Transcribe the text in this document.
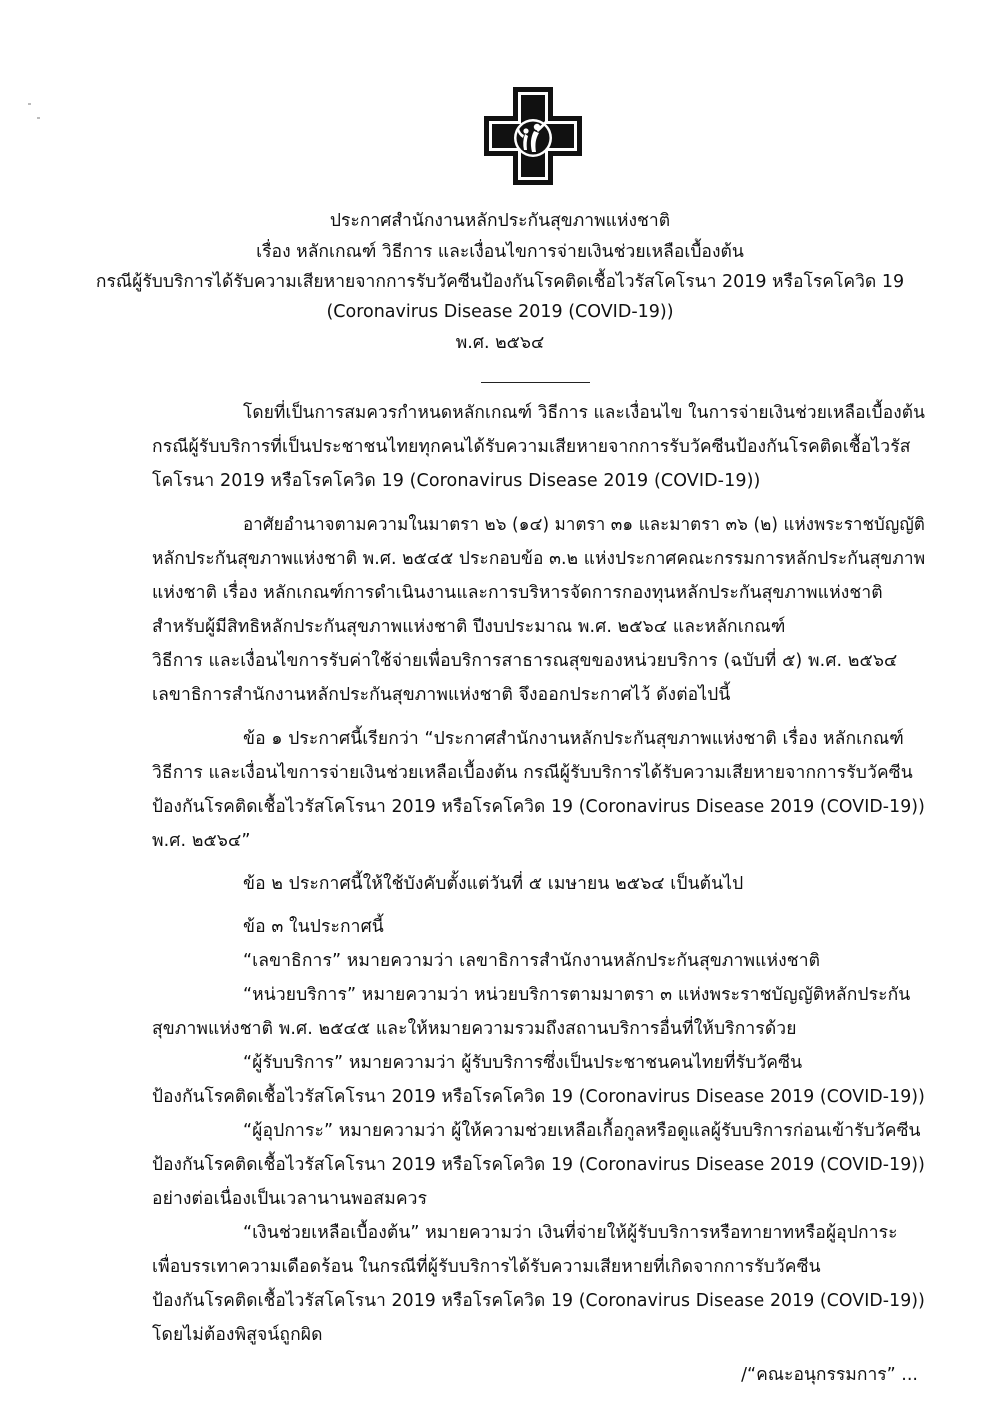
ประกาศสำนักงานหลักประกันสุขภาพแห่งชาติ
เรื่อง หลักเกณฑ์ วิธีการ และเงื่อนไขการจ่ายเงินช่วยเหลือเบื้องต้น
กรณีผู้รับบริการได้รับความเสียหายจากการรับวัคซีนป้องกันโรคติดเชื้อไวรัสโคโรนา 2019 หรือโรคโควิด 19
(Coronavirus Disease 2019 (COVID-19))
พ.ศ. ๒๕๖๔
โดยที่เป็นการสมควรกำหนดหลักเกณฑ์ วิธีการ และเงื่อนไข ในการจ่ายเงินช่วยเหลือเบื้องต้น
กรณีผู้รับบริการที่เป็นประชาชนไทยทุกคนได้รับความเสียหายจากการรับวัคซีนป้องกันโรคติดเชื้อไวรัส
โคโรนา 2019 หรือโรคโควิด 19 (Coronavirus Disease 2019 (COVID-19))
อาศัยอำนาจตามความในมาตรา ๒๖ (๑๔) มาตรา ๓๑ และมาตรา ๓๖ (๒) แห่งพระราชบัญญัติ
หลักประกันสุขภาพแห่งชาติ พ.ศ. ๒๕๔๕ ประกอบข้อ ๓.๒ แห่งประกาศคณะกรรมการหลักประกันสุขภาพ
แห่งชาติ เรื่อง หลักเกณฑ์การดำเนินงานและการบริหารจัดการกองทุนหลักประกันสุขภาพแห่งชาติ
สำหรับผู้มีสิทธิหลักประกันสุขภาพแห่งชาติ ปีงบประมาณ พ.ศ. ๒๕๖๔ และหลักเกณฑ์
วิธีการ และเงื่อนไขการรับค่าใช้จ่ายเพื่อบริการสาธารณสุขของหน่วยบริการ (ฉบับที่ ๕) พ.ศ. ๒๕๖๔
เลขาธิการสำนักงานหลักประกันสุขภาพแห่งชาติ จึงออกประกาศไว้ ดังต่อไปนี้
ข้อ ๑ ประกาศนี้เรียกว่า “ประกาศสำนักงานหลักประกันสุขภาพแห่งชาติ เรื่อง หลักเกณฑ์
วิธีการ และเงื่อนไขการจ่ายเงินช่วยเหลือเบื้องต้น กรณีผู้รับบริการได้รับความเสียหายจากการรับวัคซีน
ป้องกันโรคติดเชื้อไวรัสโคโรนา 2019 หรือโรคโควิด 19 (Coronavirus Disease 2019 (COVID-19))
พ.ศ. ๒๕๖๔”
ข้อ ๒ ประกาศนี้ให้ใช้บังคับตั้งแต่วันที่ ๕ เมษายน ๒๕๖๔ เป็นต้นไป
ข้อ ๓ ในประกาศนี้
“เลขาธิการ” หมายความว่า เลขาธิการสำนักงานหลักประกันสุขภาพแห่งชาติ
“หน่วยบริการ” หมายความว่า หน่วยบริการตามมาตรา ๓ แห่งพระราชบัญญัติหลักประกัน
สุขภาพแห่งชาติ พ.ศ. ๒๕๔๕ และให้หมายความรวมถึงสถานบริการอื่นที่ให้บริการด้วย
“ผู้รับบริการ” หมายความว่า ผู้รับบริการซึ่งเป็นประชาชนคนไทยที่รับวัคซีน
ป้องกันโรคติดเชื้อไวรัสโคโรนา 2019 หรือโรคโควิด 19 (Coronavirus Disease 2019 (COVID-19))
“ผู้อุปการะ” หมายความว่า ผู้ให้ความช่วยเหลือเกื้อกูลหรือดูแลผู้รับบริการก่อนเข้ารับวัคซีน
ป้องกันโรคติดเชื้อไวรัสโคโรนา 2019 หรือโรคโควิด 19 (Coronavirus Disease 2019 (COVID-19))
อย่างต่อเนื่องเป็นเวลานานพอสมควร
“เงินช่วยเหลือเบื้องต้น” หมายความว่า เงินที่จ่ายให้ผู้รับบริการหรือทายาทหรือผู้อุปการะ
เพื่อบรรเทาความเดือดร้อน ในกรณีที่ผู้รับบริการได้รับความเสียหายที่เกิดจากการรับวัคซีน
ป้องกันโรคติดเชื้อไวรัสโคโรนา 2019 หรือโรคโควิด 19 (Coronavirus Disease 2019 (COVID-19))
โดยไม่ต้องพิสูจน์ถูกผิด
/“คณะอนุกรรมการ” ...
